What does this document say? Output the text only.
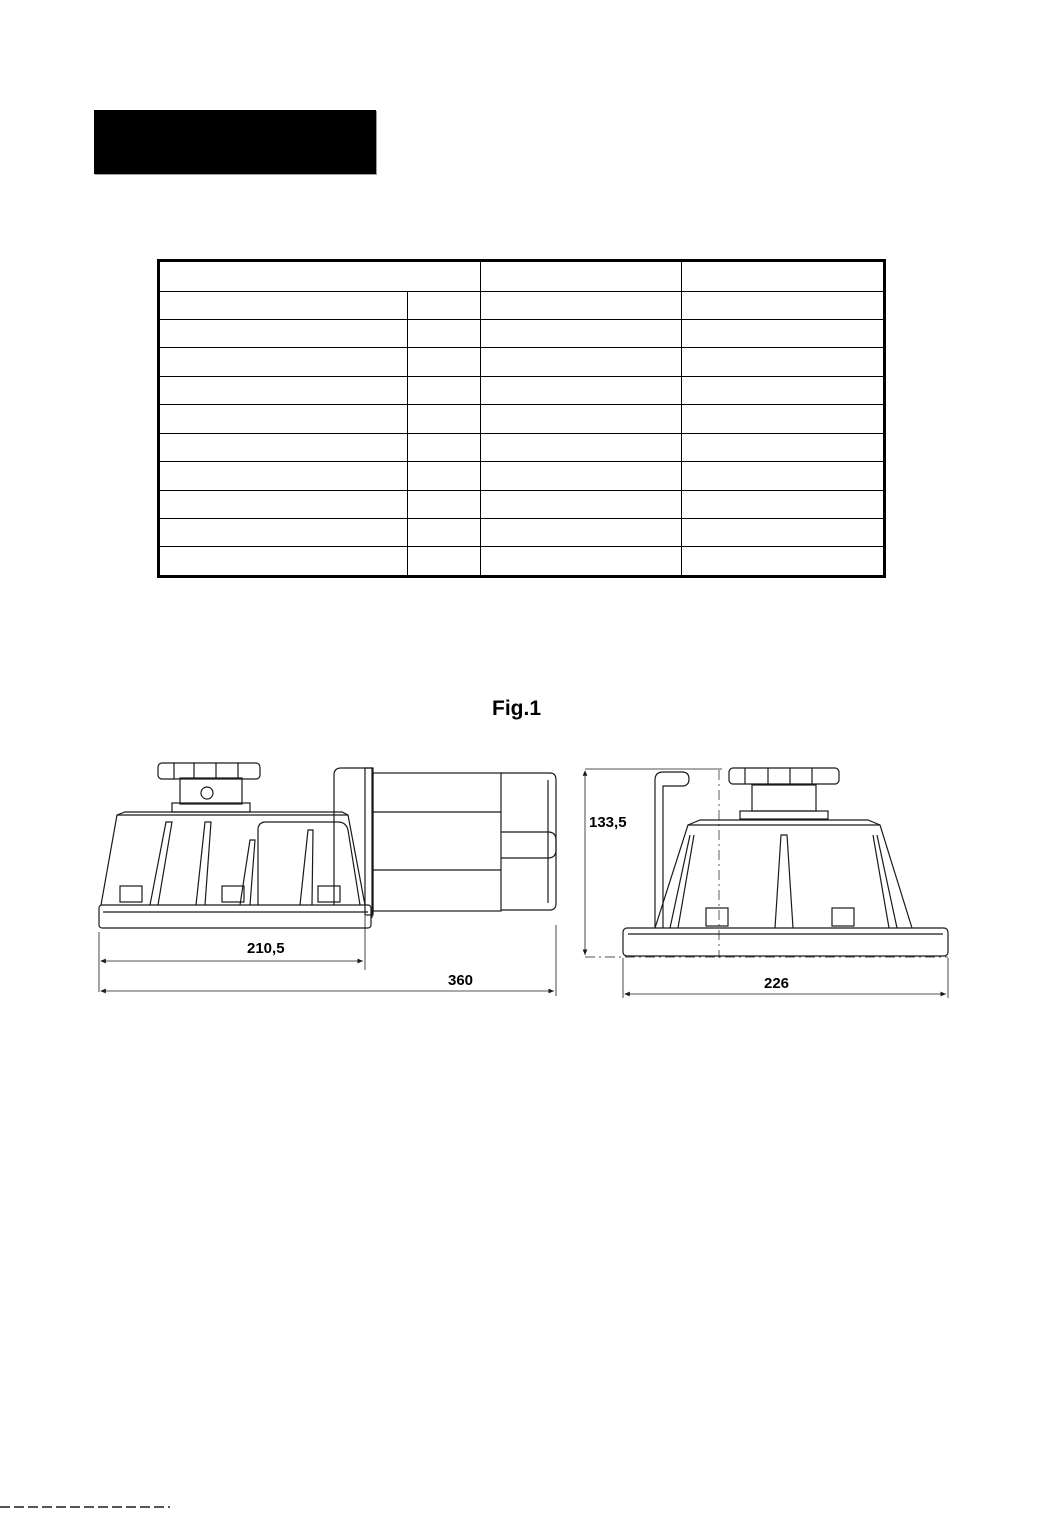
Fig.1
210,5
360
133,5
226
